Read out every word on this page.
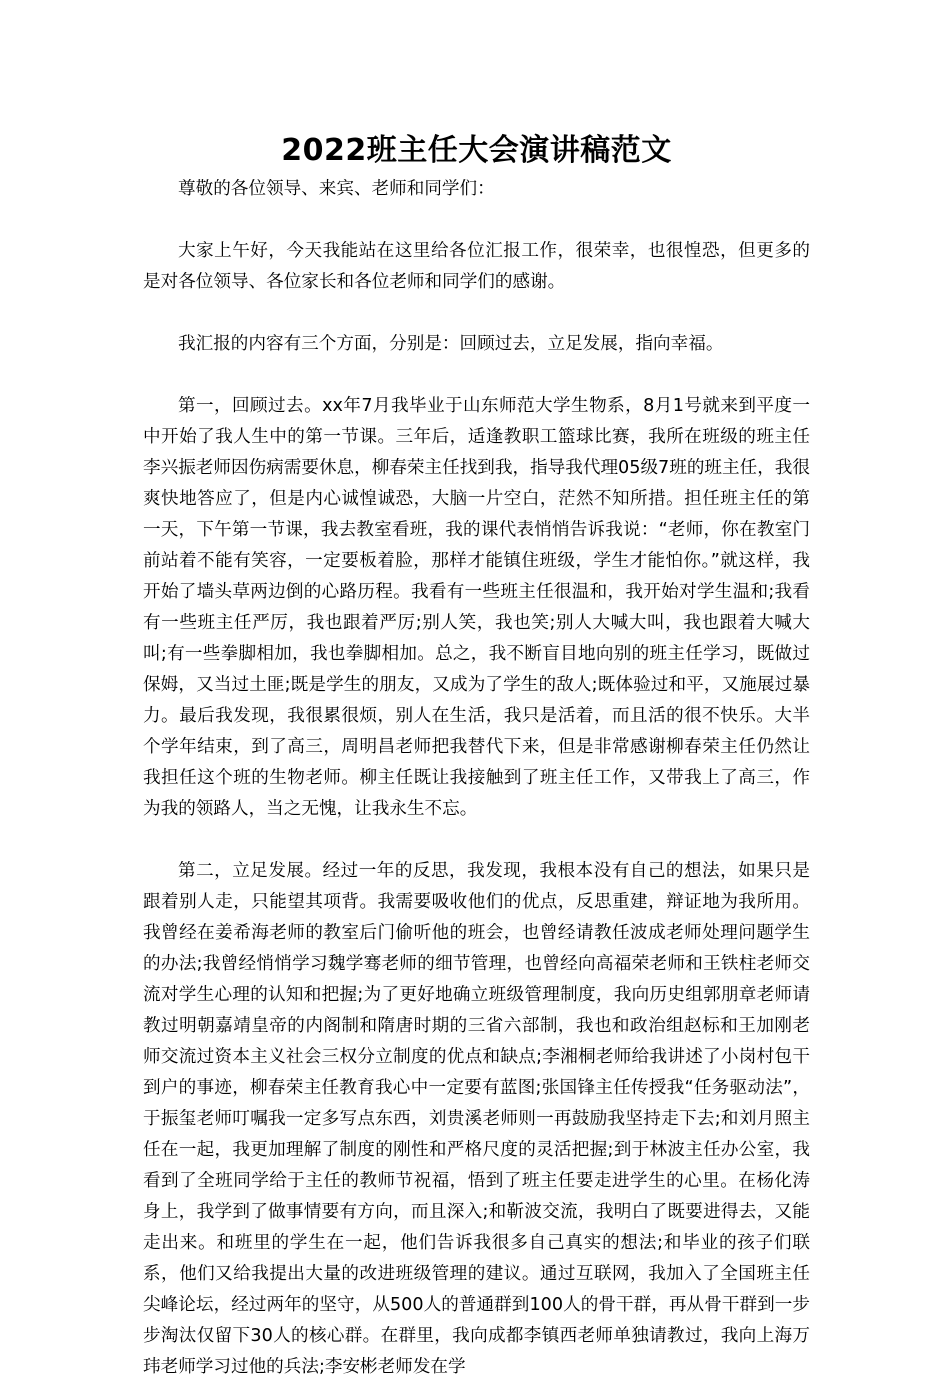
2022班主任大会演讲稿范文

尊敬的各位领导、来宾、老师和同学们：

大家上午好，今天我能站在这里给各位汇报工作，很荣幸，也很惶恐，但更多的是对各位领导、各位家长和各位老师和同学们的感谢。

我汇报的内容有三个方面，分别是：回顾过去，立足发展，指向幸福。

第一，回顾过去。xx年7月我毕业于山东师范大学生物系，8月1号就来到平度一中开始了我人生中的第一节课。三年后，适逢教职工篮球比赛，我所在班级的班主任李兴振老师因伤病需要休息，柳春荣主任找到我，指导我代理05级7班的班主任，我很爽快地答应了，但是内心诚惶诚恐，大脑一片空白，茫然不知所措。担任班主任的第一天，下午第一节课，我去教室看班，我的课代表悄悄告诉我说：“老师，你在教室门前站着不能有笑容，一定要板着脸，那样才能镇住班级，学生才能怕你。”就这样，我开始了墙头草两边倒的心路历程。我看有一些班主任很温和，我开始对学生温和;我看有一些班主任严厉，我也跟着严厉;别人笑，我也笑;别人大喊大叫，我也跟着大喊大叫;有一些拳脚相加，我也拳脚相加。总之，我不断盲目地向别的班主任学习，既做过保姆，又当过土匪;既是学生的朋友，又成为了学生的敌人;既体验过和平，又施展过暴力。最后我发现，我很累很烦，别人在生活，我只是活着，而且活的很不快乐。大半个学年结束，到了高三，周明昌老师把我替代下来，但是非常感谢柳春荣主任仍然让我担任这个班的生物老师。柳主任既让我接触到了班主任工作，又带我上了高三，作为我的领路人，当之无愧，让我永生不忘。

第二，立足发展。经过一年的反思，我发现，我根本没有自己的想法，如果只是跟着别人走，只能望其项背。我需要吸收他们的优点，反思重建，辩证地为我所用。我曾经在姜希海老师的教室后门偷听他的班会，也曾经请教任波成老师处理问题学生的办法;我曾经悄悄学习魏学骞老师的细节管理，也曾经向高福荣老师和王铁柱老师交流对学生心理的认知和把握;为了更好地确立班级管理制度，我向历史组郭朋章老师请教过明朝嘉靖皇帝的内阁制和隋唐时期的三省六部制，我也和政治组赵标和王加刚老师交流过资本主义社会三权分立制度的优点和缺点;李湘桐老师给我讲述了小岗村包干到户的事迹，柳春荣主任教育我心中一定要有蓝图;张国锋主任传授我“任务驱动法”，于振玺老师叮嘱我一定多写点东西，刘贵溪老师则一再鼓励我坚持走下去;和刘月照主任在一起，我更加理解了制度的刚性和严格尺度的灵活把握;到于林波主任办公室，我看到了全班同学给于主任的教师节祝福，悟到了班主任要走进学生的心里。在杨化涛身上，我学到了做事情要有方向，而且深入;和靳波交流，我明白了既要进得去，又能走出来。和班里的学生在一起，他们告诉我很多自己真实的想法;和毕业的孩子们联系，他们又给我提出大量的改进班级管理的建议。通过互联网，我加入了全国班主任尖峰论坛，经过两年的坚守，从500人的普通群到100人的骨干群，再从骨干群到一步步淘汰仅留下30人的核心群。在群里，我向成都李镇西老师单独请教过，我向上海万玮老师学习过他的兵法;李安彬老师发在学
